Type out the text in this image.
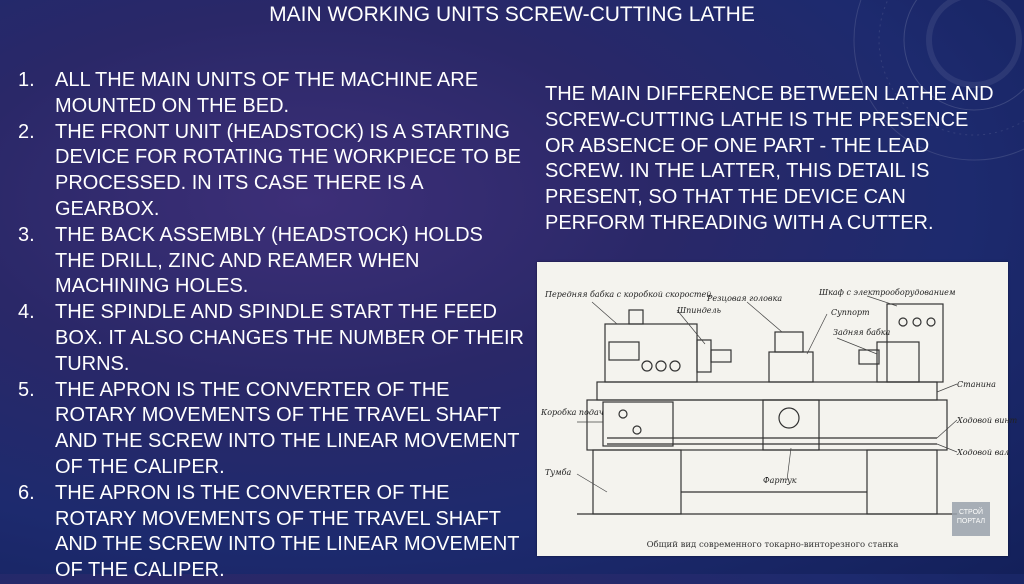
MAIN WORKING UNITS SCREW-CUTTING LATHE
1. ALL THE MAIN UNITS OF THE MACHINE ARE MOUNTED ON THE BED.
2. THE FRONT UNIT (HEADSTOCK) IS A STARTING DEVICE FOR ROTATING THE WORKPIECE TO BE PROCESSED. IN ITS CASE THERE IS A GEARBOX.
3. THE BACK ASSEMBLY (HEADSTOCK) HOLDS THE DRILL, ZINC AND REAMER WHEN MACHINING HOLES.
4. THE SPINDLE AND SPINDLE START THE FEED BOX. IT ALSO CHANGES THE NUMBER OF THEIR TURNS.
5. THE APRON IS THE CONVERTER OF THE ROTARY MOVEMENTS OF THE TRAVEL SHAFT AND THE SCREW INTO THE LINEAR MOVEMENT OF THE CALIPER.
6. THE APRON IS THE CONVERTER OF THE ROTARY MOVEMENTS OF THE TRAVEL SHAFT AND THE SCREW INTO THE LINEAR MOVEMENT OF THE CALIPER.

THE MAIN DIFFERENCE BETWEEN LATHE AND SCREW-CUTTING LATHE IS THE PRESENCE OR ABSENCE OF ONE PART - THE LEAD SCREW. IN THE LATTER, THIS DETAIL IS PRESENT, SO THAT THE DEVICE CAN PERFORM THREADING WITH A CUTTER.

Передняя бабка с коробкой скоростей
Шпиндель
Резцовая головка
Шкаф с электрооборудованием
Суппорт
Задняя бабка
Станина
Коробка подач
Ходовой винт
Ходовой вал
Фартук
Тумба
Общий вид современного токарно-винторезного станка
СТРОЙ ПОРТАЛ
